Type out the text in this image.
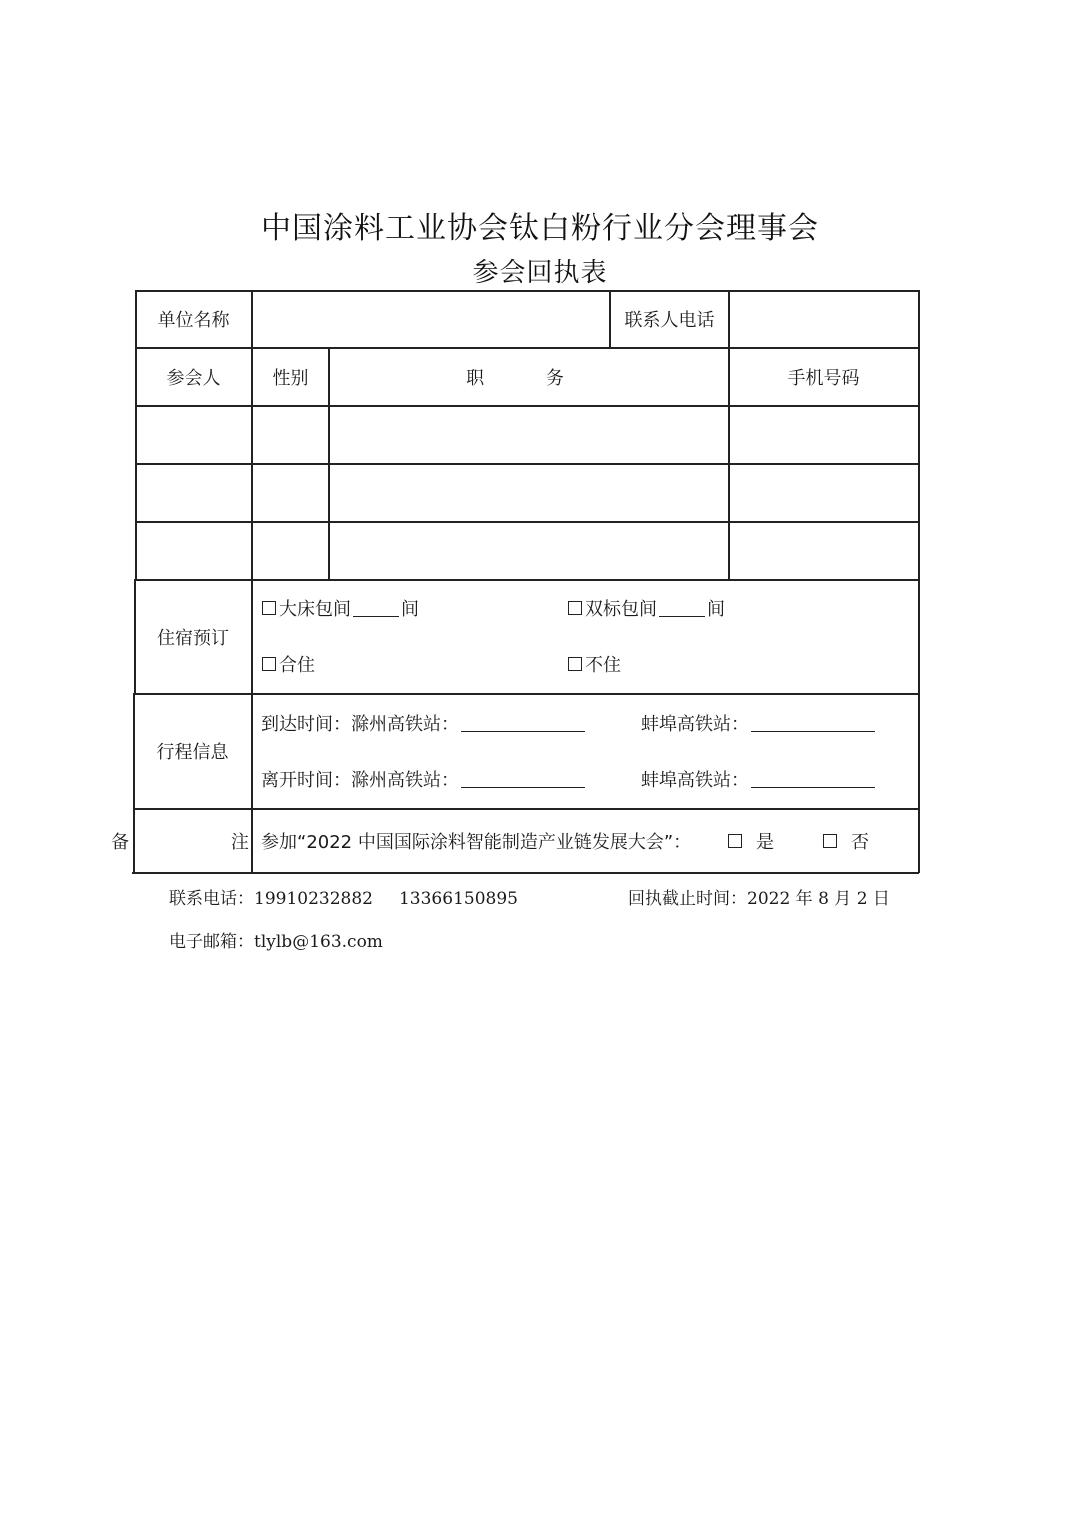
中国涂料工业协会钛白粉行业分会理事会
参会回执表
单位名称	联系人电话
参会人	性别	职 务	手机号码
住宿预订
大床包间	间	双标包间	间
合住	不住
行程信息
到达时间： 滁州高铁站：	蚌埠高铁站：
离开时间： 滁州高铁站：	蚌埠高铁站：
备 注
参加“2022 中国国际涂料智能制造产业链发展大会”：	是	否
联系电话：19910232882 13366150895	回执截止时间：2022 年 8 月 2 日
电子邮箱：tlylb@163.com
